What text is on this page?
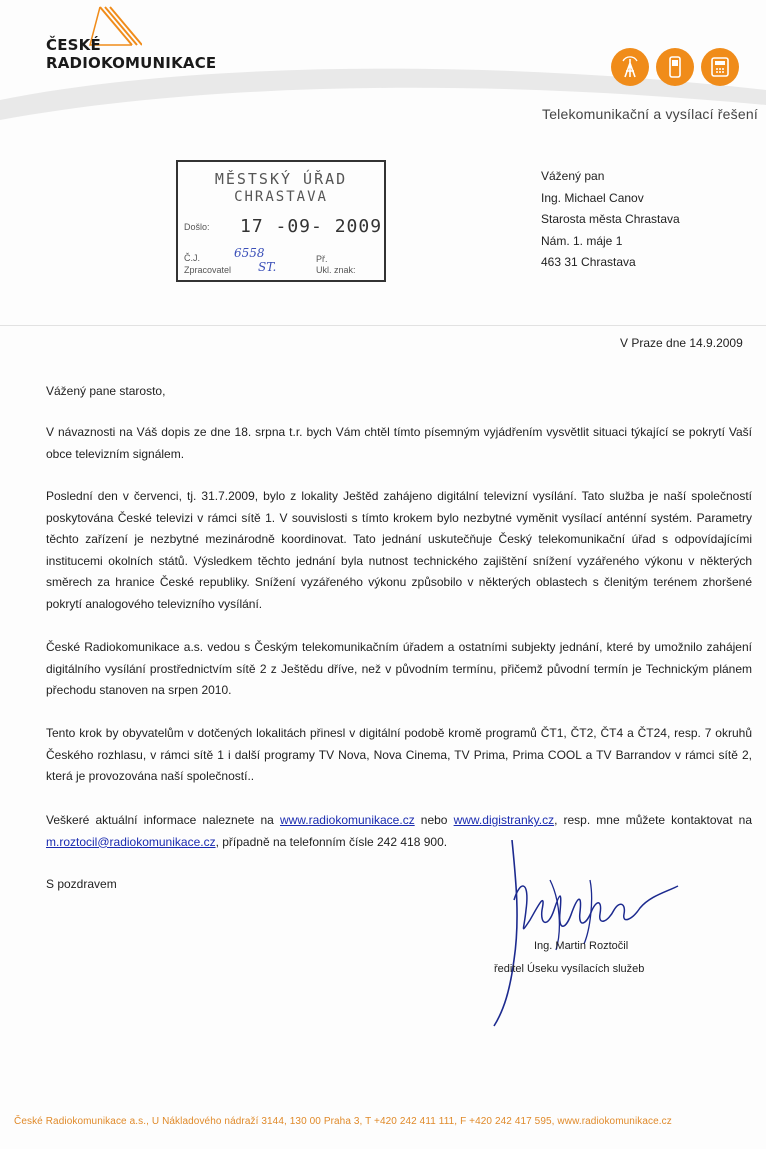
ČESKÉ
RADIOKOMUNIKACE
Telekomunikační a vysílací řešení
MĚSTSKÝ ÚŘAD
CHRASTAVA
Došlo: 17 -09- 2009
Č.J.	6558
Zpracovatel ST.
Př.
Ukl. znak:
Vážený pan
Ing. Michael Canov
Starosta města Chrastava
Nám. 1. máje 1
463 31 Chrastava
V Praze dne 14.9.2009
Vážený pane starosto,
V návaznosti na Váš dopis ze dne 18. srpna t.r. bych Vám chtěl tímto písemným vyjádřením vysvětlit situaci týkající se pokrytí Vaší obce televizním signálem.
Poslední den v červenci, tj. 31.7.2009, bylo z lokality Ještěd zahájeno digitální televizní vysílání. Tato služba je naší společností poskytována České televizi v rámci sítě 1. V souvislosti s tímto krokem bylo nezbytné vyměnit vysílací anténní systém. Parametry těchto zařízení je nezbytné mezinárodně koordinovat. Tato jednání uskutečňuje Český telekomunikační úřad s odpovídajícími institucemi okolních států. Výsledkem těchto jednání byla nutnost technického zajištění snížení vyzářeného výkonu v některých směrech za hranice České republiky. Snížení vyzářeného výkonu způsobilo v některých oblastech s členitým terénem zhoršené pokrytí analogového televizního vysílání.
České Radiokomunikace a.s. vedou s Českým telekomunikačním úřadem a ostatními subjekty jednání, které by umožnilo zahájení digitálního vysílání prostřednictvím sítě 2 z Ještědu dříve, než v původním termínu, přičemž původní termín je Technickým plánem přechodu stanoven na srpen 2010.
Tento krok by obyvatelům v dotčených lokalitách přinesl v digitální podobě kromě programů ČT1, ČT2, ČT4 a ČT24, resp. 7 okruhů Českého rozhlasu, v rámci sítě 1 i další programy TV Nova, Nova Cinema, TV Prima, Prima COOL a TV Barrandov v rámci sítě 2, která je provozována naší společností..
Veškeré aktuální informace naleznete na www.radiokomunikace.cz nebo www.digistranky.cz, resp. mne můžete kontaktovat na m.roztocil@radiokomunikace.cz, případně na telefonním čísle 242 418 900.
S pozdravem
Ing. Martin Roztočil
ředitel Úseku vysílacích služeb
České Radiokomunikace a.s., U Nákladového nádraží 3144, 130 00 Praha 3, T +420 242 411 111, F +420 242 417 595, www.radiokomunikace.cz
